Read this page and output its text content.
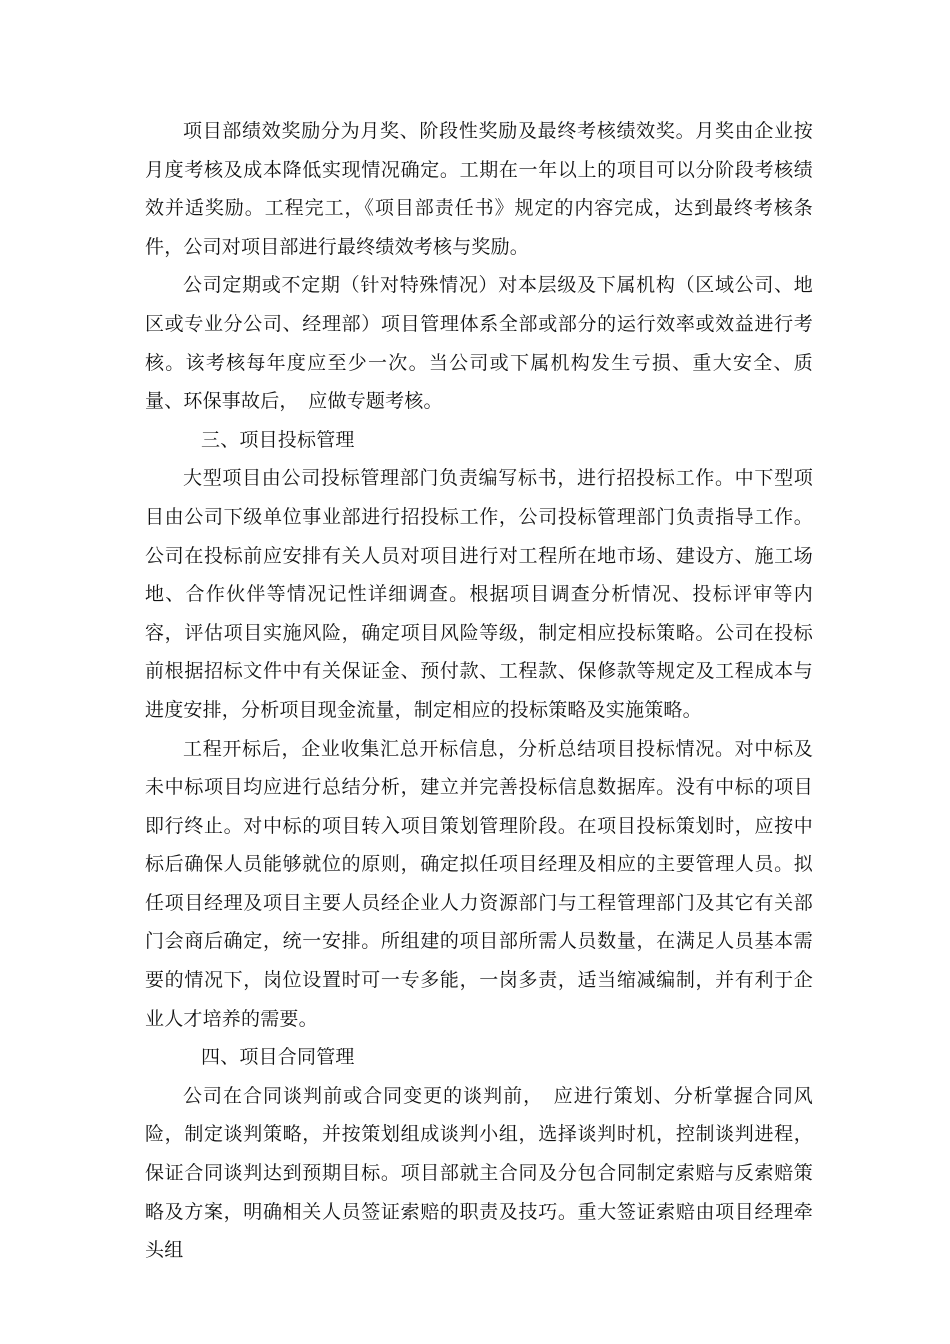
项目部绩效奖励分为月奖、阶段性奖励及最终考核绩效奖。月奖由企业按月度考核及成本降低实现情况确定。工期在一年以上的项目可以分阶段考核绩效并适奖励。工程完工，《项目部责任书》规定的内容完成，达到最终考核条件，公司对项目部进行最终绩效考核与奖励。

公司定期或不定期（针对特殊情况）对本层级及下属机构（区域公司、地区或专业分公司、经理部）项目管理体系全部或部分的运行效率或效益进行考核。该考核每年度应至少一次。当公司或下属机构发生亏损、重大安全、质量、环保事故后，　应做专题考核。

三、项目投标管理

大型项目由公司投标管理部门负责编写标书，进行招投标工作。中下型项目由公司下级单位事业部进行招投标工作，公司投标管理部门负责指导工作。公司在投标前应安排有关人员对项目进行对工程所在地市场、建设方、施工场地、合作伙伴等情况记性详细调查。根据项目调查分析情况、投标评审等内容，评估项目实施风险，确定项目风险等级，制定相应投标策略。公司在投标前根据招标文件中有关保证金、预付款、工程款、保修款等规定及工程成本与进度安排，分析项目现金流量，制定相应的投标策略及实施策略。

工程开标后，企业收集汇总开标信息，分析总结项目投标情况。对中标及未中标项目均应进行总结分析，建立并完善投标信息数据库。没有中标的项目即行终止。对中标的项目转入项目策划管理阶段。在项目投标策划时，应按中标后确保人员能够就位的原则，确定拟任项目经理及相应的主要管理人员。拟任项目经理及项目主要人员经企业人力资源部门与工程管理部门及其它有关部门会商后确定，统一安排。所组建的项目部所需人员数量，在满足人员基本需要的情况下，岗位设置时可一专多能，一岗多责，适当缩减编制，并有利于企业人才培养的需要。

四、项目合同管理

公司在合同谈判前或合同变更的谈判前，　应进行策划、分析掌握合同风险，制定谈判策略，并按策划组成谈判小组，选择谈判时机，控制谈判进程，保证合同谈判达到预期目标。项目部就主合同及分包合同制定索赔与反索赔策略及方案，明确相关人员签证索赔的职责及技巧。重大签证索赔由项目经理牵头组
